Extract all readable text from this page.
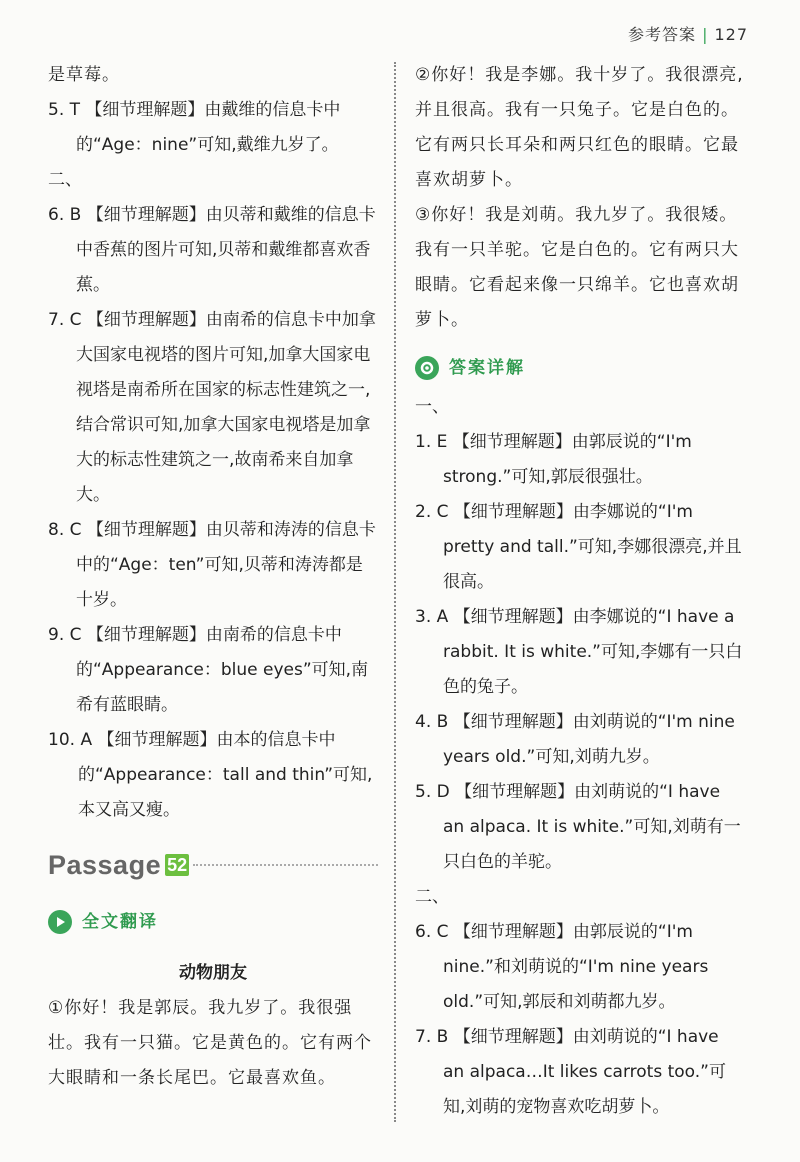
参考答案 | 127
是草莓。
5. T 【细节理解题】由戴维的信息卡中的“Age：nine”可知,戴维九岁了。
二、
6. B 【细节理解题】由贝蒂和戴维的信息卡中香蕉的图片可知,贝蒂和戴维都喜欢香蕉。
7. C 【细节理解题】由南希的信息卡中加拿大国家电视塔的图片可知,加拿大国家电视塔是南希所在国家的标志性建筑之一,结合常识可知,加拿大国家电视塔是加拿大的标志性建筑之一,故南希来自加拿大。
8. C 【细节理解题】由贝蒂和涛涛的信息卡中的“Age：ten”可知,贝蒂和涛涛都是十岁。
9. C 【细节理解题】由南希的信息卡中的“Appearance：blue eyes”可知,南希有蓝眼睛。
10. A 【细节理解题】由本的信息卡中的“Appearance：tall and thin”可知,本又高又瘦。
Passage 52
全文翻译
动物朋友
①你好！我是郭辰。我九岁了。我很强壮。我有一只猫。它是黄色的。它有两个大眼睛和一条长尾巴。它最喜欢鱼。
②你好！我是李娜。我十岁了。我很漂亮,并且很高。我有一只兔子。它是白色的。它有两只长耳朵和两只红色的眼睛。它最喜欢胡萝卜。
③你好！我是刘萌。我九岁了。我很矮。我有一只羊驼。它是白色的。它有两只大眼睛。它看起来像一只绵羊。它也喜欢胡萝卜。
答案详解
一、
1. E 【细节理解题】由郭辰说的“I'm strong.”可知,郭辰很强壮。
2. C 【细节理解题】由李娜说的“I'm pretty and tall.”可知,李娜很漂亮,并且很高。
3. A 【细节理解题】由李娜说的“I have a rabbit. It is white.”可知,李娜有一只白色的兔子。
4. B 【细节理解题】由刘萌说的“I'm nine years old.”可知,刘萌九岁。
5. D 【细节理解题】由刘萌说的“I have an alpaca. It is white.”可知,刘萌有一只白色的羊驼。
二、
6. C 【细节理解题】由郭辰说的“I'm nine.”和刘萌说的“I'm nine years old.”可知,郭辰和刘萌都九岁。
7. B 【细节理解题】由刘萌说的“I have an alpaca…It likes carrots too.”可知,刘萌的宠物喜欢吃胡萝卜。
